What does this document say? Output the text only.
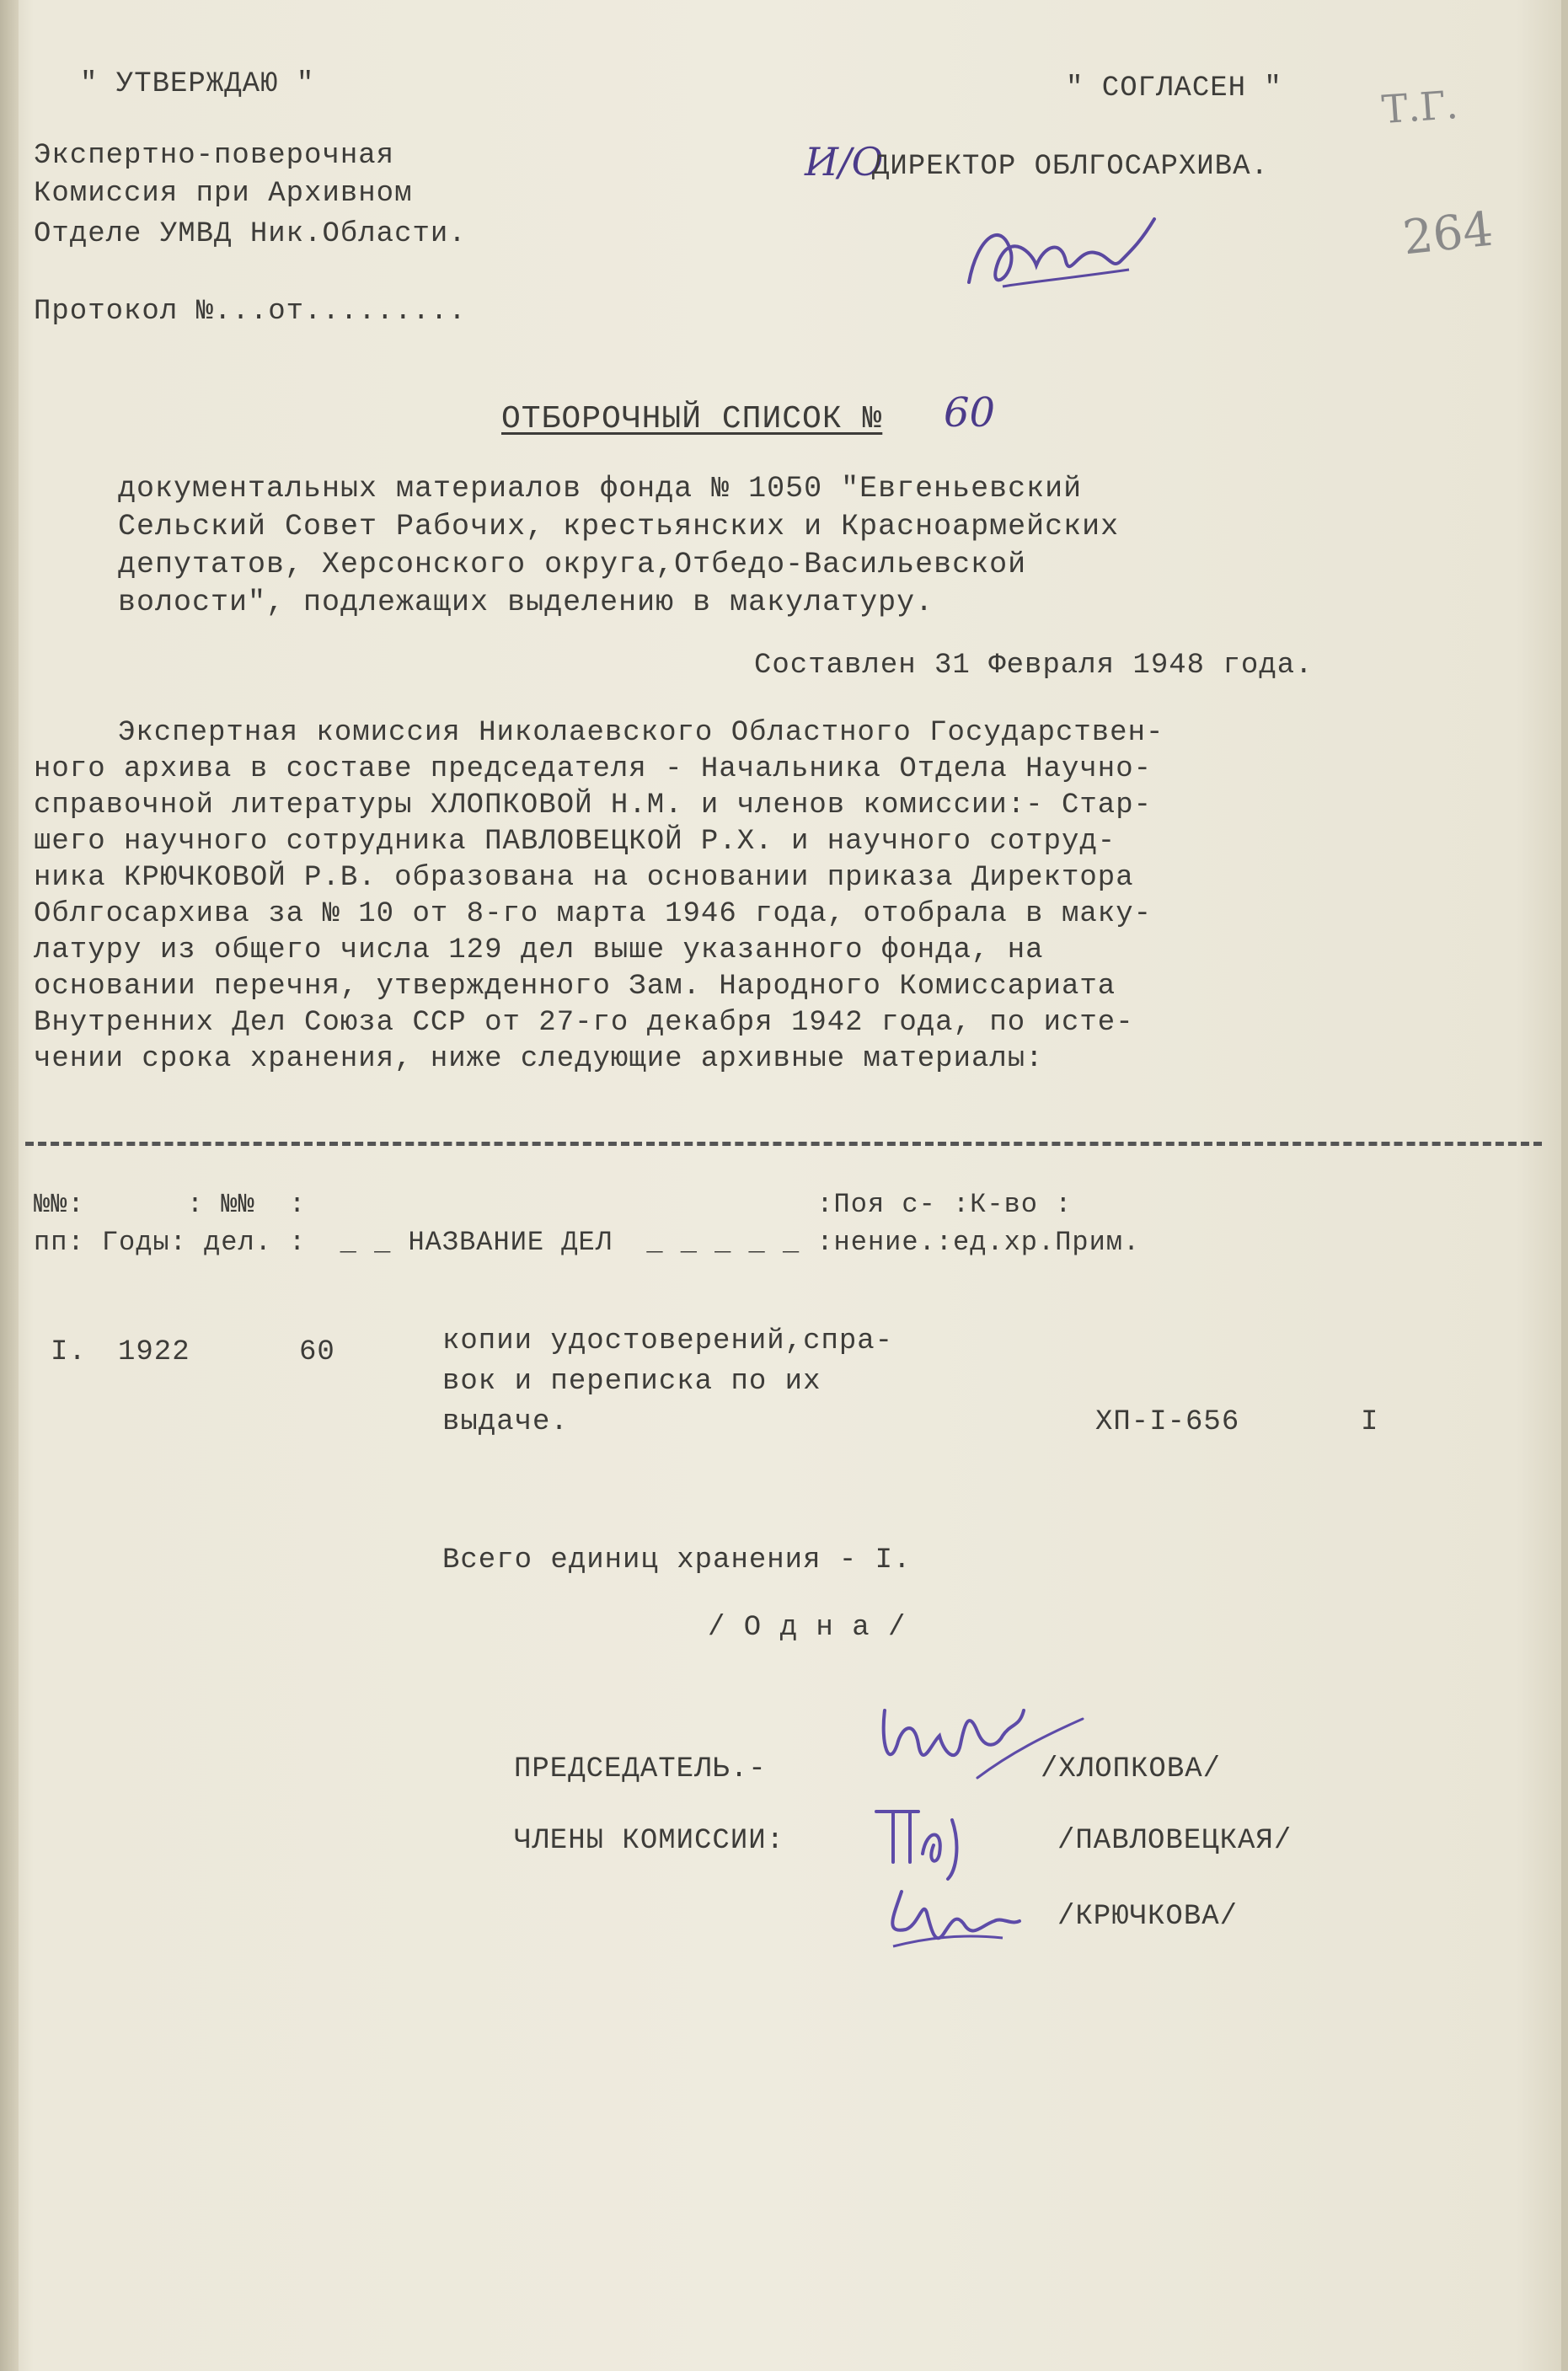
" УТВЕРЖДАЮ "
Экспертно-поверочная
Комиссия при Архивном
Отделе УМВД Ник.Области.
Протокол №...от.........
" СОГЛАСЕН "
И/О
ДИРЕКТОР ОБЛГОСАРХИВА.
Т.Г.
264
ОТБОРОЧНЫЙ СПИСОК № 60
документальных материалов фонда № 1050 "Евгеньевский
Сельский Совет Рабочих, крестьянских и Красноармейских
депутатов, Херсонского округа,Отбедо-Васильевской
волости", подлежащих выделению в макулатуру.
Составлен 31 Февраля 1948 года.
Экспертная комиссия Николаевского Областного Государствен-
ного архива в составе председателя - Начальника Отдела Научно-
справочной литературы ХЛОПКОВОЙ Н.М. и членов комиссии:- Стар-
шего научного сотрудника ПАВЛОВЕЦКОЙ Р.Х. и научного сотруд-
ника КРЮЧКОВОЙ Р.В. образована на основании приказа Директора
Облгосархива за № 10 от 8-го марта 1946 года, отобрала в маку-
латуру из общего числа 129 дел выше указанного фонда, на
основании перечня, утвержденного Зам. Народного Комиссариата
Внутренних Дел Союза ССР от 27-го декабря 1942 года, по исте-
чении срока хранения, ниже следующие архивные материалы:
№№:      : №№  :                              :Поя с- :К-во :
пп: Годы: дел. :  _ _ НАЗВАНИЕ ДЕЛ  _ _ _ _ _ :нение.:ед.хр.Прим.
I. 1922	60	копии удостоверений,спра-
вок и переписка по их
выдаче.	ХП-I-656	I
Всего единиц хранения - I.
/ О д н а /
ПРЕДСЕДАТЕЛЬ.-	/ХЛОПКОВА/
ЧЛЕНЫ КОМИССИИ:	/ПАВЛОВЕЦКАЯ/
/КРЮЧКОВА/
